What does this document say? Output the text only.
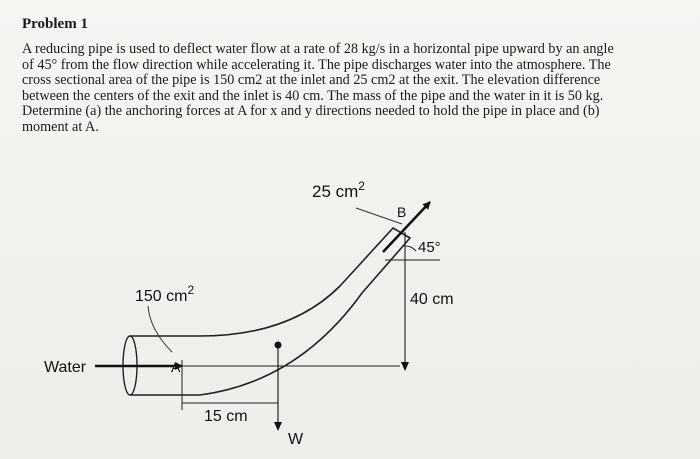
Problem 1
A reducing pipe is used to deflect water flow at a rate of 28 kg/s in a horizontal pipe upward by an angle
of 45° from the flow direction while accelerating it. The pipe discharges water into the atmosphere. The
cross sectional area of the pipe is 150 cm2 at the inlet and 25 cm2 at the exit. The elevation difference
between the centers of the exit and the inlet is 40 cm. The mass of the pipe and the water in it is 50 kg.
Determine (a) the anchoring forces at A for x and y directions needed to hold the pipe in place and (b)
moment at A.
25 $cm^2$
B
45°
40 cm
150 $cm^2$
Water	A
15 cm
W
